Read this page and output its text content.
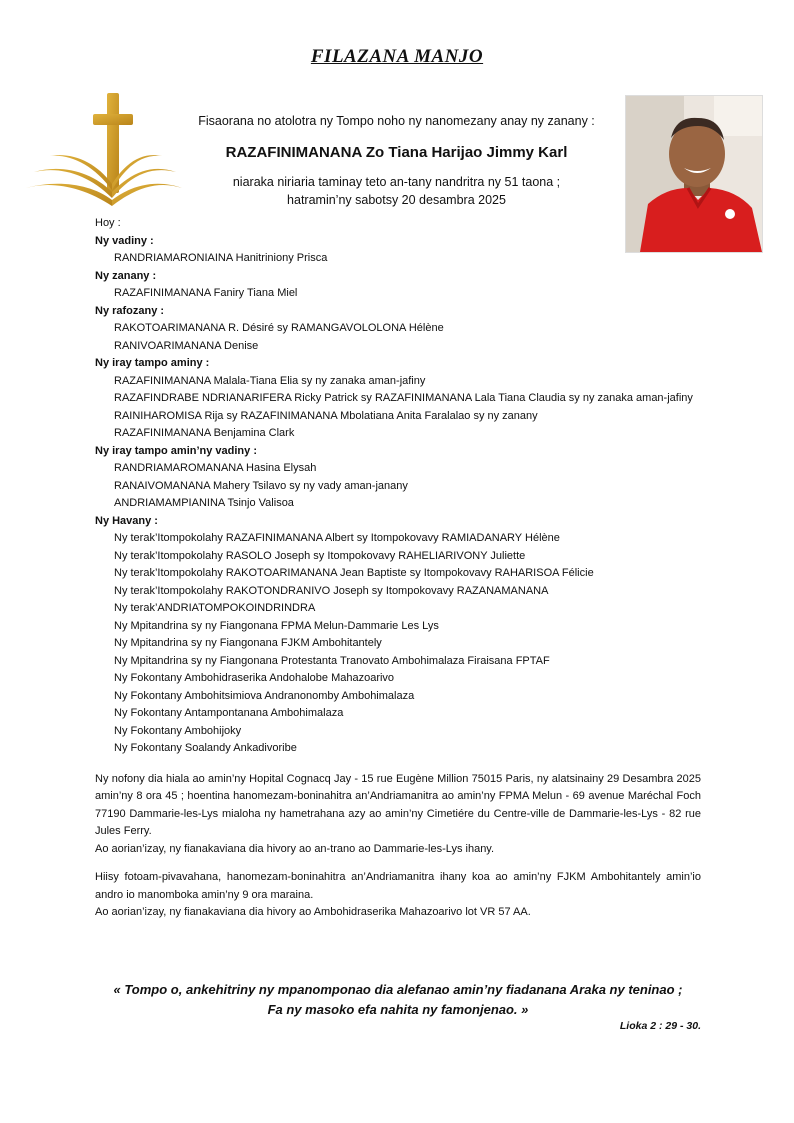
FILAZANA MANJO
Fisaorana no atolotra ny Tompo noho ny nanomezany anay ny zanany :
RAZAFINIMANANA Zo Tiana Harijao Jimmy Karl
niaraka niriaria taminay teto an-tany nandritra ny 51 taona ;
hatramin’ny sabotsy 20 desambra 2025

Hoy :

Ny vadiny :

RANDRIAMARONIAINA Hanitriniony Prisca

Ny zanany :

RAZAFINIMANANA Faniry Tiana Miel

Ny rafozany :

RAKOTOARIMANANA R. Désiré sy RAMANGAVOLOLONA Hélène

RANIVOARIMANANA Denise

Ny iray tampo aminy :

RAZAFINIMANANA Malala-Tiana Elia sy ny zanaka aman-jafiny

RAZAFINDRABE NDRIANARIFERA Ricky Patrick sy RAZAFINIMANANA Lala Tiana Claudia sy ny zanaka aman-jafiny

RAINIHAROMISA Rija sy RAZAFINIMANANA Mbolatiana Anita Faralalao sy ny zanany

RAZAFINIMANANA Benjamina Clark

Ny iray tampo amin’ny vadiny :

RANDRIAMAROMANANA Hasina Elysah

RANAIVOMANANA Mahery Tsilavo sy ny vady aman-janany

ANDRIAMAMPIANINA Tsinjo Valisoa

Ny Havany :

Ny terak’Itompokolahy RAZAFINIMANANA Albert sy Itompokovavy RAMIADANARY Hélène

Ny terak’Itompokolahy RASOLO Joseph sy Itompokovavy RAHELIARIVONY Juliette

Ny terak’Itompokolahy RAKOTOARIMANANA Jean Baptiste sy Itompokovavy RAHARISOA Félicie

Ny terak’Itompokolahy RAKOTONDRANIVO Joseph sy Itompokovavy RAZANAMANANA

Ny terak’ANDRIATOMPOKOINDRINDRA

Ny Mpitandrina sy ny Fiangonana FPMA Melun-Dammarie Les Lys

Ny Mpitandrina sy ny Fiangonana FJKM Ambohitantely

Ny Mpitandrina sy ny Fiangonana Protestanta Tranovato Ambohimalaza Firaisana FPTAF

Ny Fokontany Ambohidraserika Andohalobe Mahazoarivo

Ny Fokontany Ambohitsimiova Andranonomby Ambohimalaza

Ny Fokontany Antampontanana Ambohimalaza

Ny Fokontany Ambohijoky

Ny Fokontany Soalandy Ankadivoribe

Ny nofony dia hiala ao amin’ny Hopital Cognacq Jay - 15 rue Eugène Million 75015 Paris, ny alatsinainy 29 Desambra 2025 amin’ny 8 ora 45 ; hoentina hanomezam-boninahitra an’Andriamanitra ao amin’ny FPMA Melun - 69 avenue Maréchal Foch 77190 Dammarie-les-Lys mialoha ny hametrahana azy ao amin’ny Cimetiére du Centre-ville de Dammarie-les-Lys - 82 rue Jules Ferry.

Ao aorian’izay, ny fianakaviana dia hivory ao an-trano ao Dammarie-les-Lys ihany.

Hiisy fotoam-pivavahana, hanomezam-boninahitra an’Andriamanitra ihany koa ao amin’ny FJKM Ambohitantely amin’io andro io manomboka amin’ny 9 ora maraina.

Ao aorian’izay, ny fianakaviana dia hivory ao Ambohidraserika Mahazoarivo lot VR 57 AA.

« Tompo o, ankehitriny ny mpanomponao dia alefanao amin’ny fiadanana Araka ny teninao ;
Fa ny masoko efa nahita ny famonjenao. »
Lioka 2 : 29 - 30.
